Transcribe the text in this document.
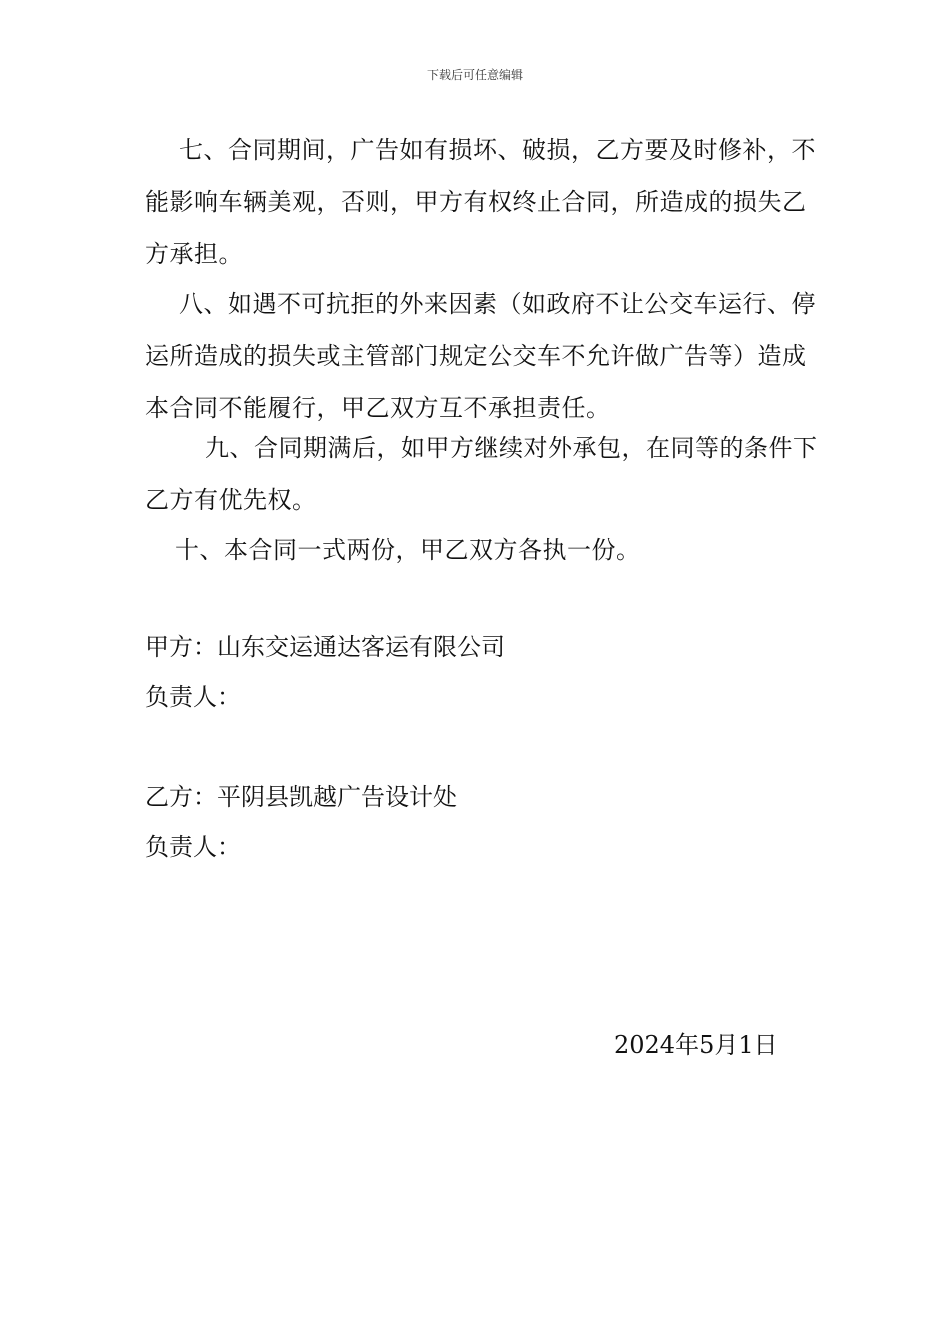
下载后可任意编辑

七、合同期间，广告如有损坏、破损，乙方要及时修补，不能影响车辆美观，否则，甲方有权终止合同，所造成的损失乙方承担。

八、如遇不可抗拒的外来因素（如政府不让公交车运行、停运所造成的损失或主管部门规定公交车不允许做广告等）造成本合同不能履行，甲乙双方互不承担责任。

九、合同期满后，如甲方继续对外承包，在同等的条件下乙方有优先权。

十、本合同一式两份，甲乙双方各执一份。

甲方：山东交运通达客运有限公司

负责人：

乙方：平阴县凯越广告设计处

负责人：

2024年5月1日
